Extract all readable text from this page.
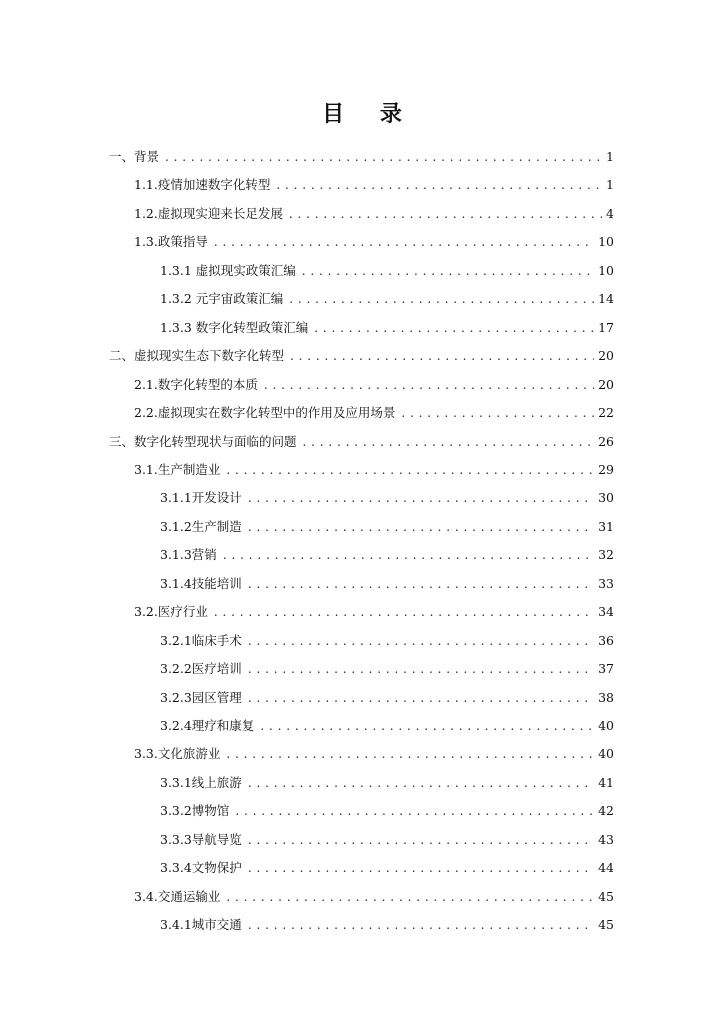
目 录
一、背景 . . .	1
1.1.疫情加速数字化转型 . . .	1
1.2.虚拟现实迎来长足发展 . . .	4
1.3.政策指导 . . .	10
1.3.1 虚拟现实政策汇编 . . .	10
1.3.2 元宇宙政策汇编 . . .	14
1.3.3 数字化转型政策汇编 . . .	17
二、虚拟现实生态下数字化转型 . . .	20
2.1.数字化转型的本质 . . .	20
2.2.虚拟现实在数字化转型中的作用及应用场景 . . .	22
三、数字化转型现状与面临的问题 . . .	26
3.1.生产制造业 . . .	29
3.1.1开发设计 . . .	30
3.1.2生产制造 . . .	31
3.1.3营销 . . .	32
3.1.4技能培训 . . .	33
3.2.医疗行业 . . .	34
3.2.1临床手术 . . .	36
3.2.2医疗培训 . . .	37
3.2.3园区管理 . . .	38
3.2.4理疗和康复 . . .	40
3.3.文化旅游业 . . .	40
3.3.1线上旅游 . . .	41
3.3.2博物馆 . . .	42
3.3.3导航导览 . . .	43
3.3.4文物保护 . . .	44
3.4.交通运输业 . . .	45
3.4.1城市交通 . . .	45
